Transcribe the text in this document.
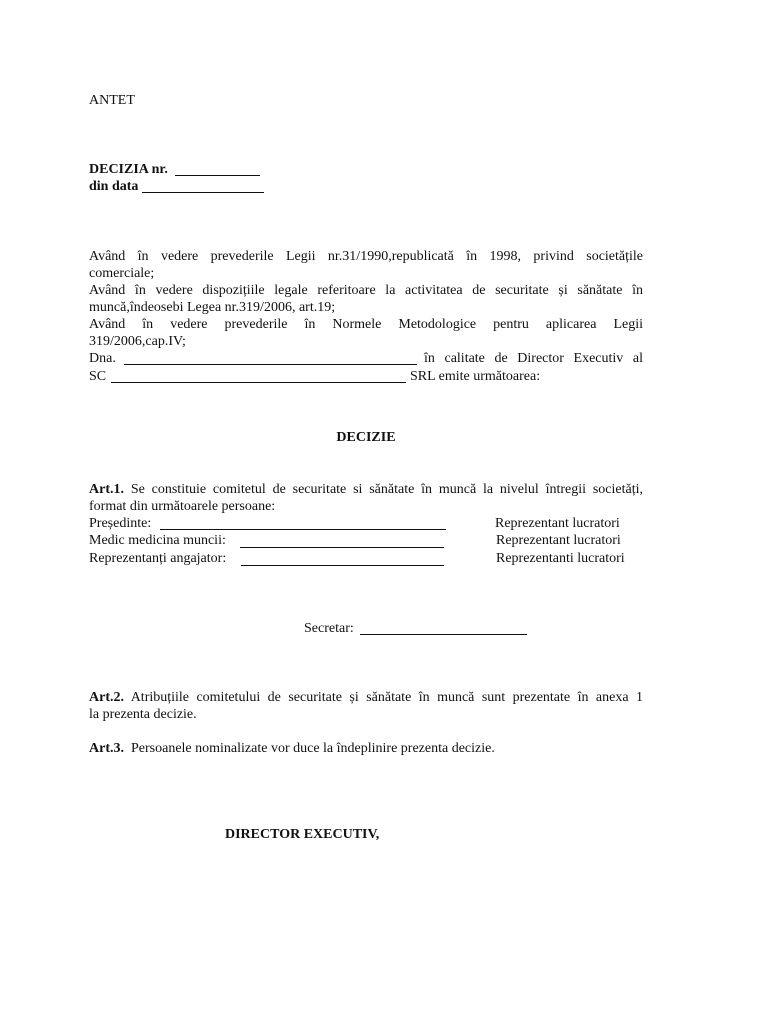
ANTET
DECIZIA nr.
din data
Având în vedere prevederile Legii nr.31/1990,republicată în 1998, privind societățile
comerciale;
Având în vedere dispozițiile legale referitoare la activitatea de securitate și sănătate în
muncă,îndeosebi Legea nr.319/2006, art.19;
Având în vedere prevederile în Normele Metodologice pentru aplicarea Legii
319/2006,cap.IV;
Dna.	în calitate de Director Executiv al
SC	SRL emite următoarea:
DECIZIE
Art.1. Se constituie comitetul de securitate si sănătate în muncă la nivelul întregii societăți,
format din următoarele persoane:
Președinte:	Reprezentant lucratori
Medic medicina muncii:	Reprezentant lucratori
Reprezentanți angajator:	Reprezentanti lucratori
Secretar:
Art.2. Atribuțiile comitetului de securitate și sănătate în muncă sunt prezentate în anexa 1
la prezenta decizie.
Art.3. Persoanele nominalizate vor duce la îndeplinire prezenta decizie.
DIRECTOR EXECUTIV,
